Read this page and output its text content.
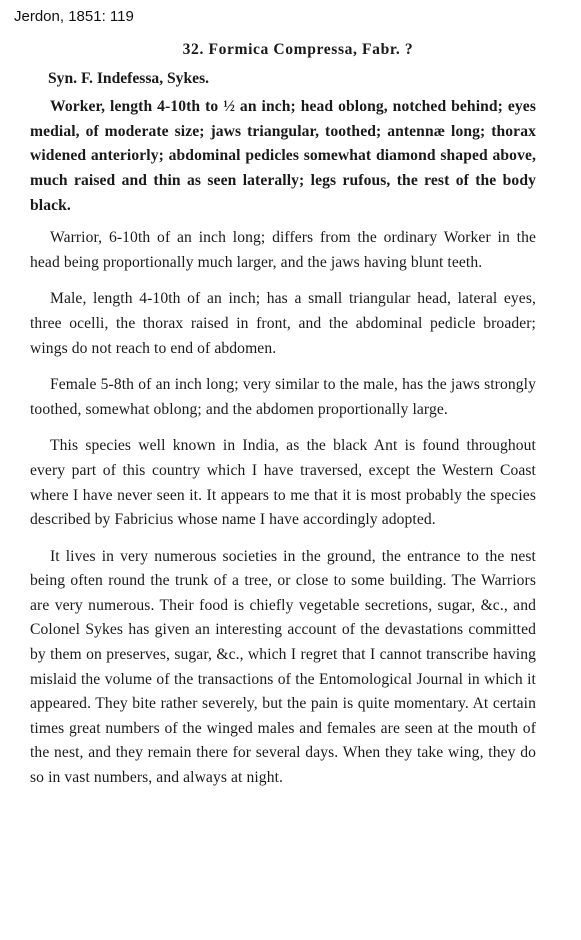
Jerdon, 1851: 119
32. Formica Compressa, Fabr. ?
Syn. F. Indefessa, Sykes.

Worker, length 4-10th to ½ an inch; head oblong, notched behind; eyes medial, of moderate size; jaws triangular, toothed; antennæ long; thorax widened anteriorly; abdominal pedicles somewhat diamond shaped above, much raised and thin as seen laterally; legs rufous, the rest of the body black.

Warrior, 6-10th of an inch long; differs from the ordinary Worker in the head being proportionally much larger, and the jaws having blunt teeth.

Male, length 4-10th of an inch; has a small triangular head, lateral eyes, three ocelli, the thorax raised in front, and the abdominal pedicle broader; wings do not reach to end of abdomen.

Female 5-8th of an inch long; very similar to the male, has the jaws strongly toothed, somewhat oblong; and the abdomen proportionally large.

This species well known in India, as the black Ant is found throughout every part of this country which I have traversed, except the Western Coast where I have never seen it. It appears to me that it is most probably the species described by Fabricius whose name I have accordingly adopted.

It lives in very numerous societies in the ground, the entrance to the nest being often round the trunk of a tree, or close to some building. The Warriors are very numerous. Their food is chiefly vegetable secretions, sugar, &c., and Colonel Sykes has given an interesting account of the devastations committed by them on preserves, sugar, &c., which I regret that I cannot transcribe having mislaid the volume of the transactions of the Entomological Journal in which it appeared. They bite rather severely, but the pain is quite momentary. At certain times great numbers of the winged males and females are seen at the mouth of the nest, and they remain there for several days. When they take wing, they do so in vast numbers, and always at night.
